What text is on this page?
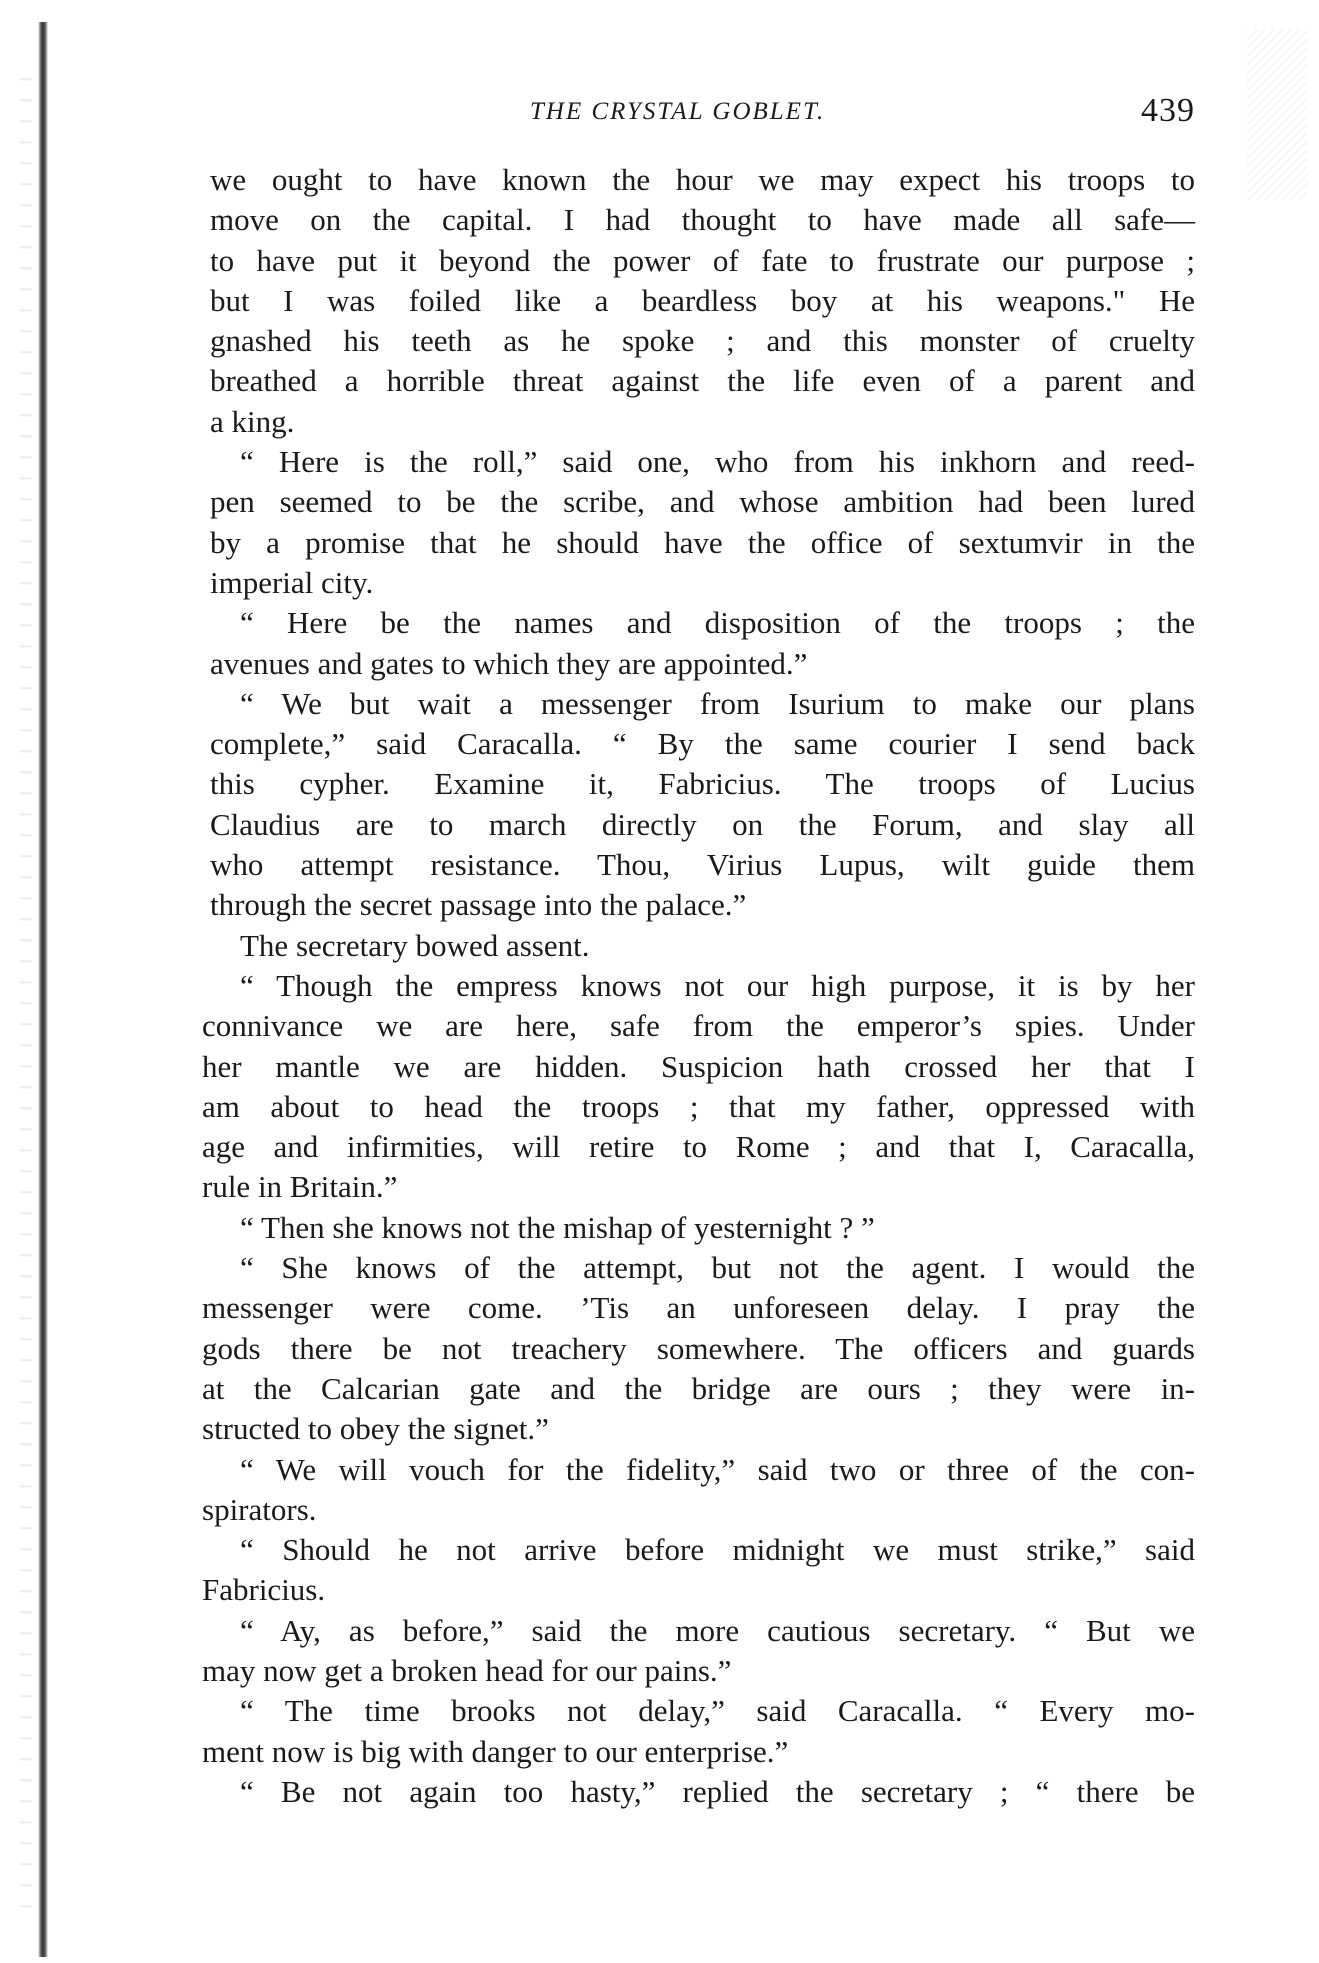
THE CRYSTAL GOBLET.	439
we ought to have known the hour we may expect his troops to
move on the capital. I had thought to have made all safe—
to have put it beyond the power of fate to frustrate our purpose ;
but I was foiled like a beardless boy at his weapons." He
gnashed his teeth as he spoke ; and this monster of cruelty
breathed a horrible threat against the life even of a parent and
a king.
“ Here is the roll,” said one, who from his inkhorn and reed-
pen seemed to be the scribe, and whose ambition had been lured
by a promise that he should have the office of sextumvir in the
imperial city.
“ Here be the names and disposition of the troops ; the
avenues and gates to which they are appointed.”
“ We but wait a messenger from Isurium to make our plans
complete,” said Caracalla. “ By the same courier I send back
this cypher. Examine it, Fabricius. The troops of Lucius
Claudius are to march directly on the Forum, and slay all
who attempt resistance. Thou, Virius Lupus, wilt guide them
through the secret passage into the palace.”
The secretary bowed assent.
“ Though the empress knows not our high purpose, it is by her
connivance we are here, safe from the emperor’s spies. Under
her mantle we are hidden. Suspicion hath crossed her that I
am about to head the troops ; that my father, oppressed with
age and infirmities, will retire to Rome ; and that I, Caracalla,
rule in Britain.”
“ Then she knows not the mishap of yesternight ? ”
“ She knows of the attempt, but not the agent. I would the
messenger were come. ’Tis an unforeseen delay. I pray the
gods there be not treachery somewhere. The officers and guards
at the Calcarian gate and the bridge are ours ; they were in-
structed to obey the signet.”
“ We will vouch for the fidelity,” said two or three of the con-
spirators.
“ Should he not arrive before midnight we must strike,” said
Fabricius.
“ Ay, as before,” said the more cautious secretary. “ But we
may now get a broken head for our pains.”
“ The time brooks not delay,” said Caracalla. “ Every mo-
ment now is big with danger to our enterprise.”
“ Be not again too hasty,” replied the secretary ; “ there be
